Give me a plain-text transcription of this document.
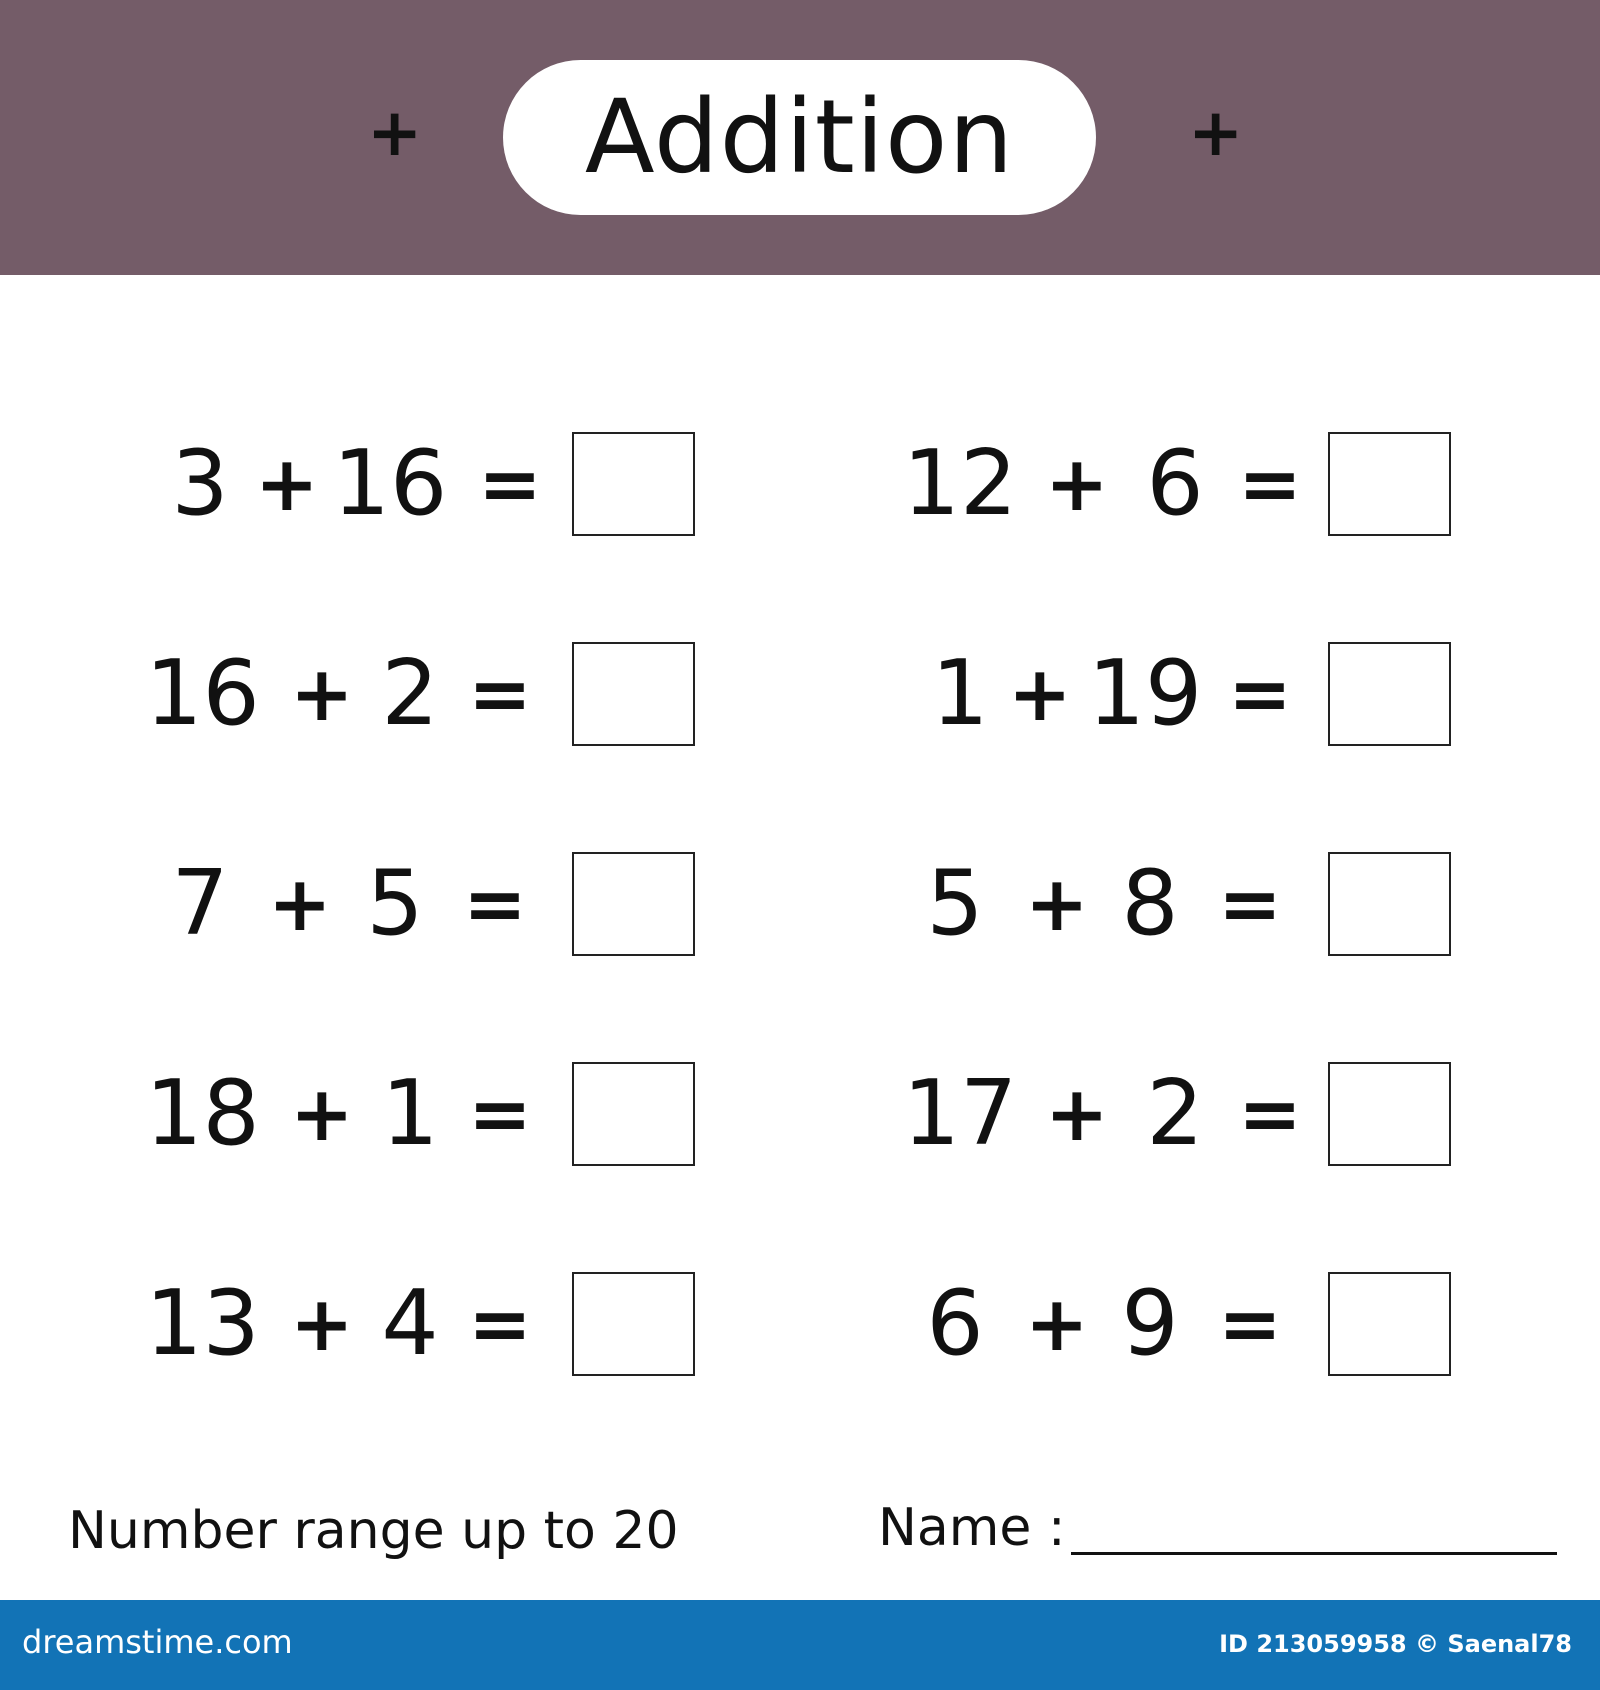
+ Addition	+
3 + 16 =	12 + 6 =
16 + 2 =	1 + 19 =
7 + 5 =	5 + 8 =
18 + 1 =	17 + 2 =
13 + 4 =	6 + 9 =
Number range up to 20	Name :
dreamstime.com	ID 213059958 © Saenal78
